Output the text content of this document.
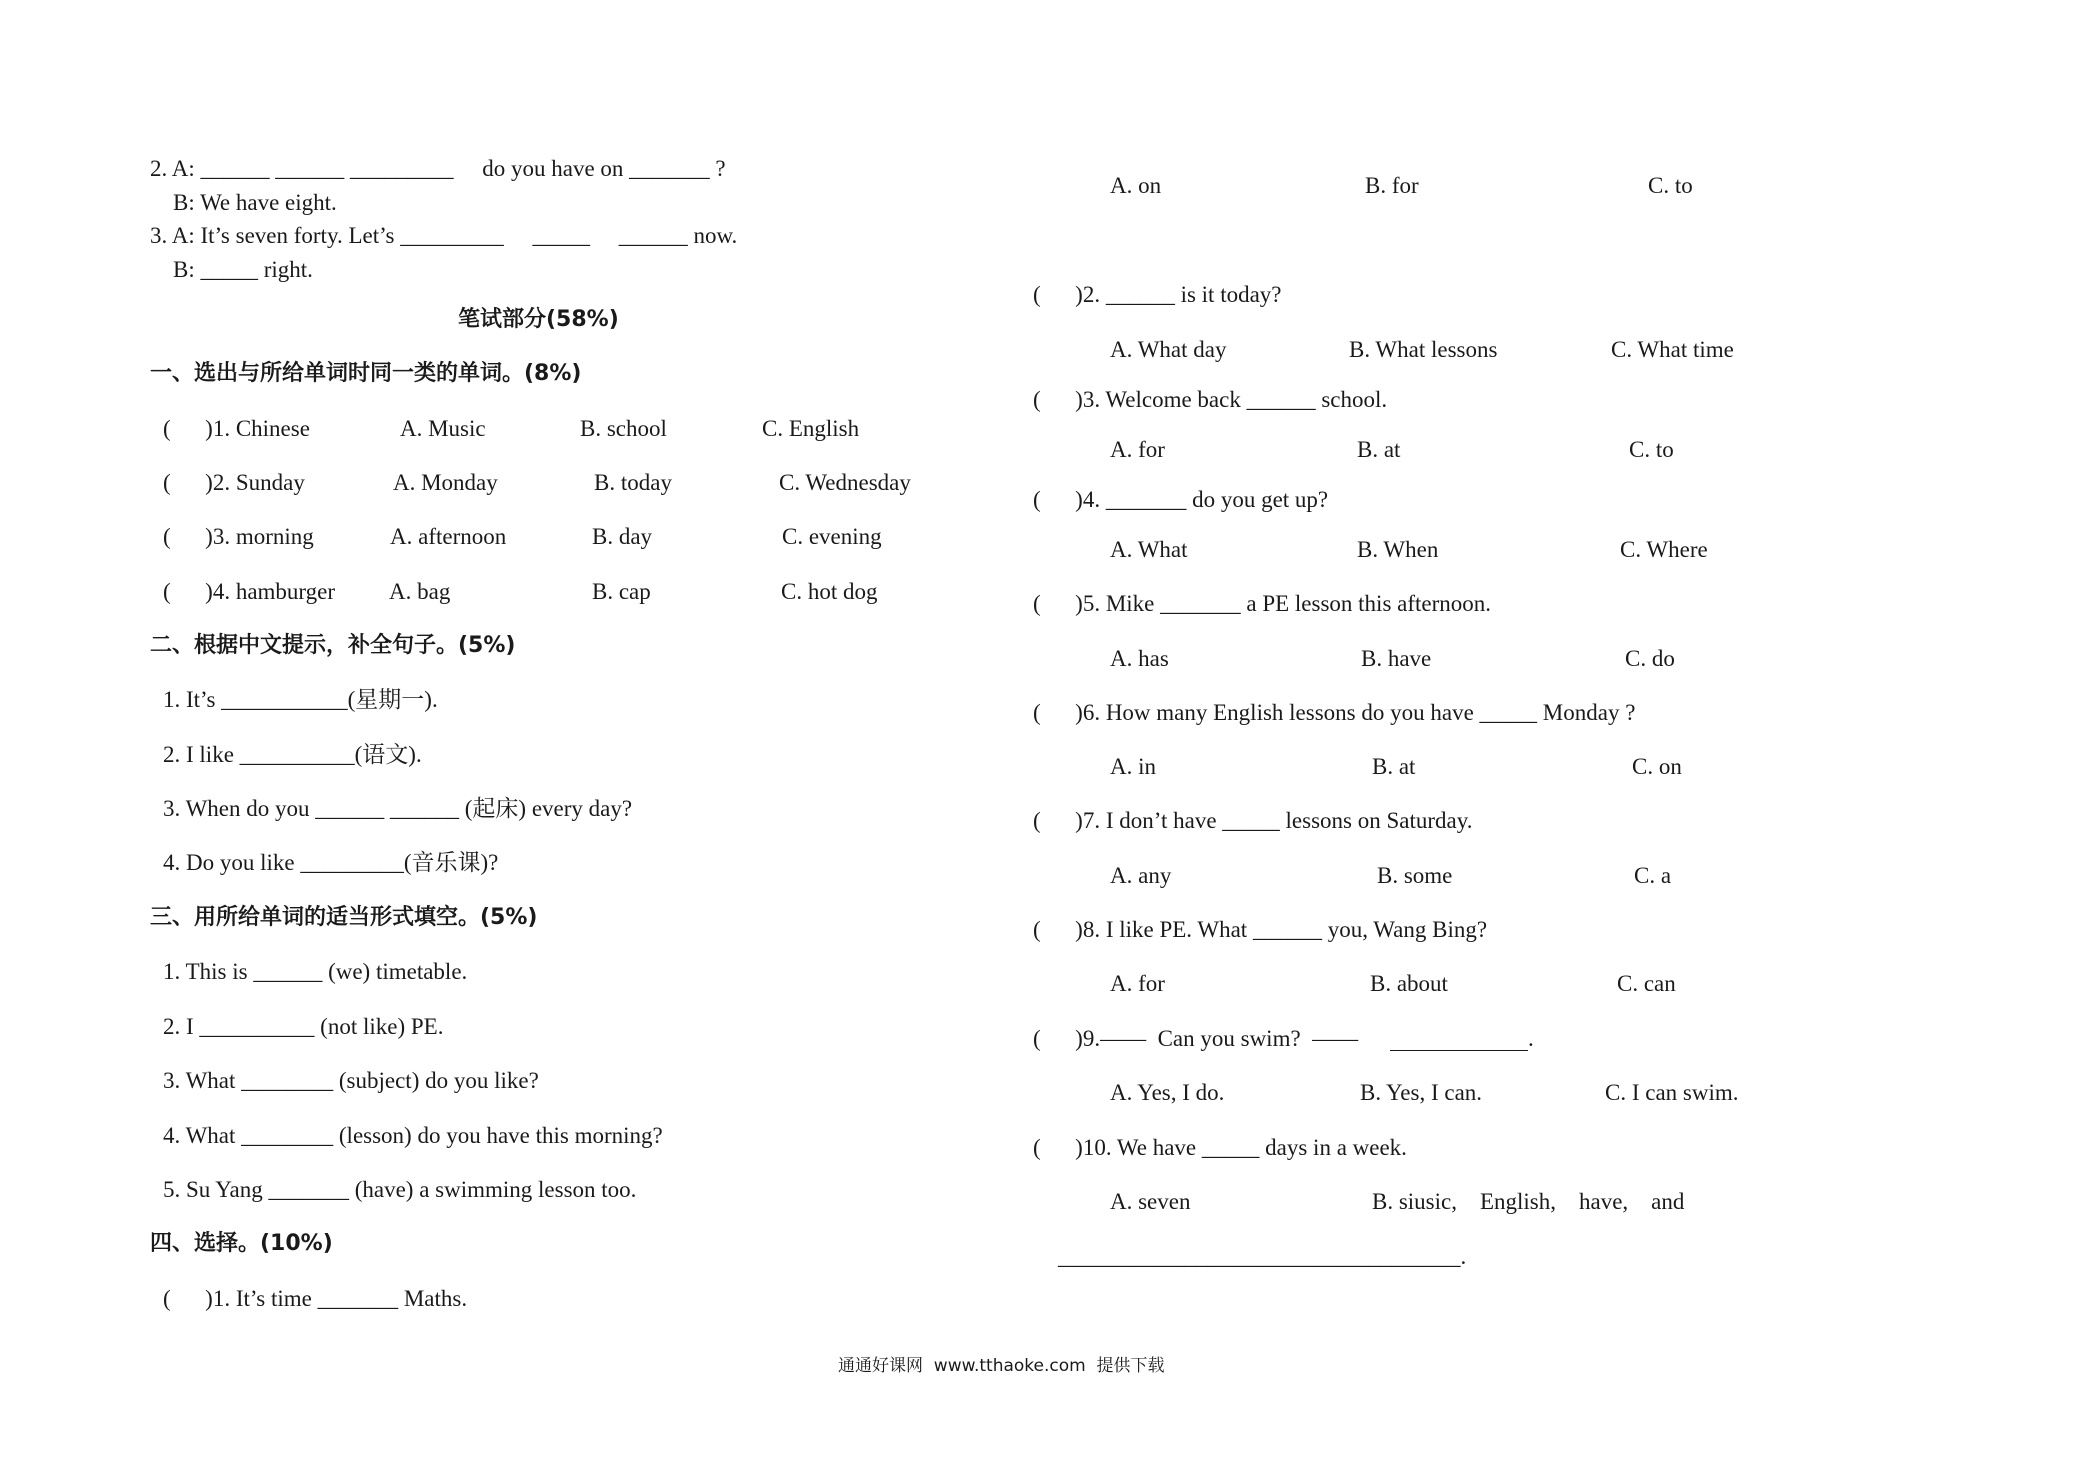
2. A: ______ ______ _________     do you have on _______ ?
B: We have eight.
3. A: It’s seven forty. Let’s _________     _____     ______ now.
B: _____ right.
笔试部分(58%)
一、选出与所给单词时同一类的单词。(8%)
(      )1. Chinese	A. Music	B. school	C. English
(      )2. Sunday	A. Monday	B. today	C. Wednesday
(      )3. morning	A. afternoon	B. day	C. evening
(      )4. hamburger A. bag	B. cap	C. hot dog
二、根据中文提示，补全句子。(5%)
1. It’s ___________(星期一).
2. I like __________(语文).
3. When do you ______ ______ (起床) every day?
4. Do you like _________(音乐课)?
三、用所给单词的适当形式填空。(5%)
1. This is ______ (we) timetable.
2. I __________ (not like) PE.
3. What ________ (subject) do you like?
4. What ________ (lesson) do you have this morning?
5. Su Yang _______ (have) a swimming lesson too.
四、选择。(10%)
(      )1. It’s time _______ Maths.
A. on	B. for	C. to
(      )2. ______ is it today?
A. What day	B. What lessons	C. What time
(      )3. Welcome back ______ school.
A. for	B. at	C. to
(      )4. _______ do you get up?
A. What	B. When	C. Where
(      )5. Mike _______ a PE lesson this afternoon.
A. has	B. have	C. do
(      )6. How many English lessons do you have _____ Monday ?
A. in	B. at	C. on
(      )7. I don’t have _____ lessons on Saturday.
A. any	B. some	C. a
(      )8. I like PE. What ______ you, Wang Bing?
A. for	B. about	C. can
(      )9.——  Can you swim?  ——	.
A. Yes, I do.	B. Yes, I can.	C. I can swim.
(      )10. We have _____ days in a week.
A. seven	B. siusic,    English,    have,    and
___________________________________.
通通好课网  www.tthaoke.com  提供下载
